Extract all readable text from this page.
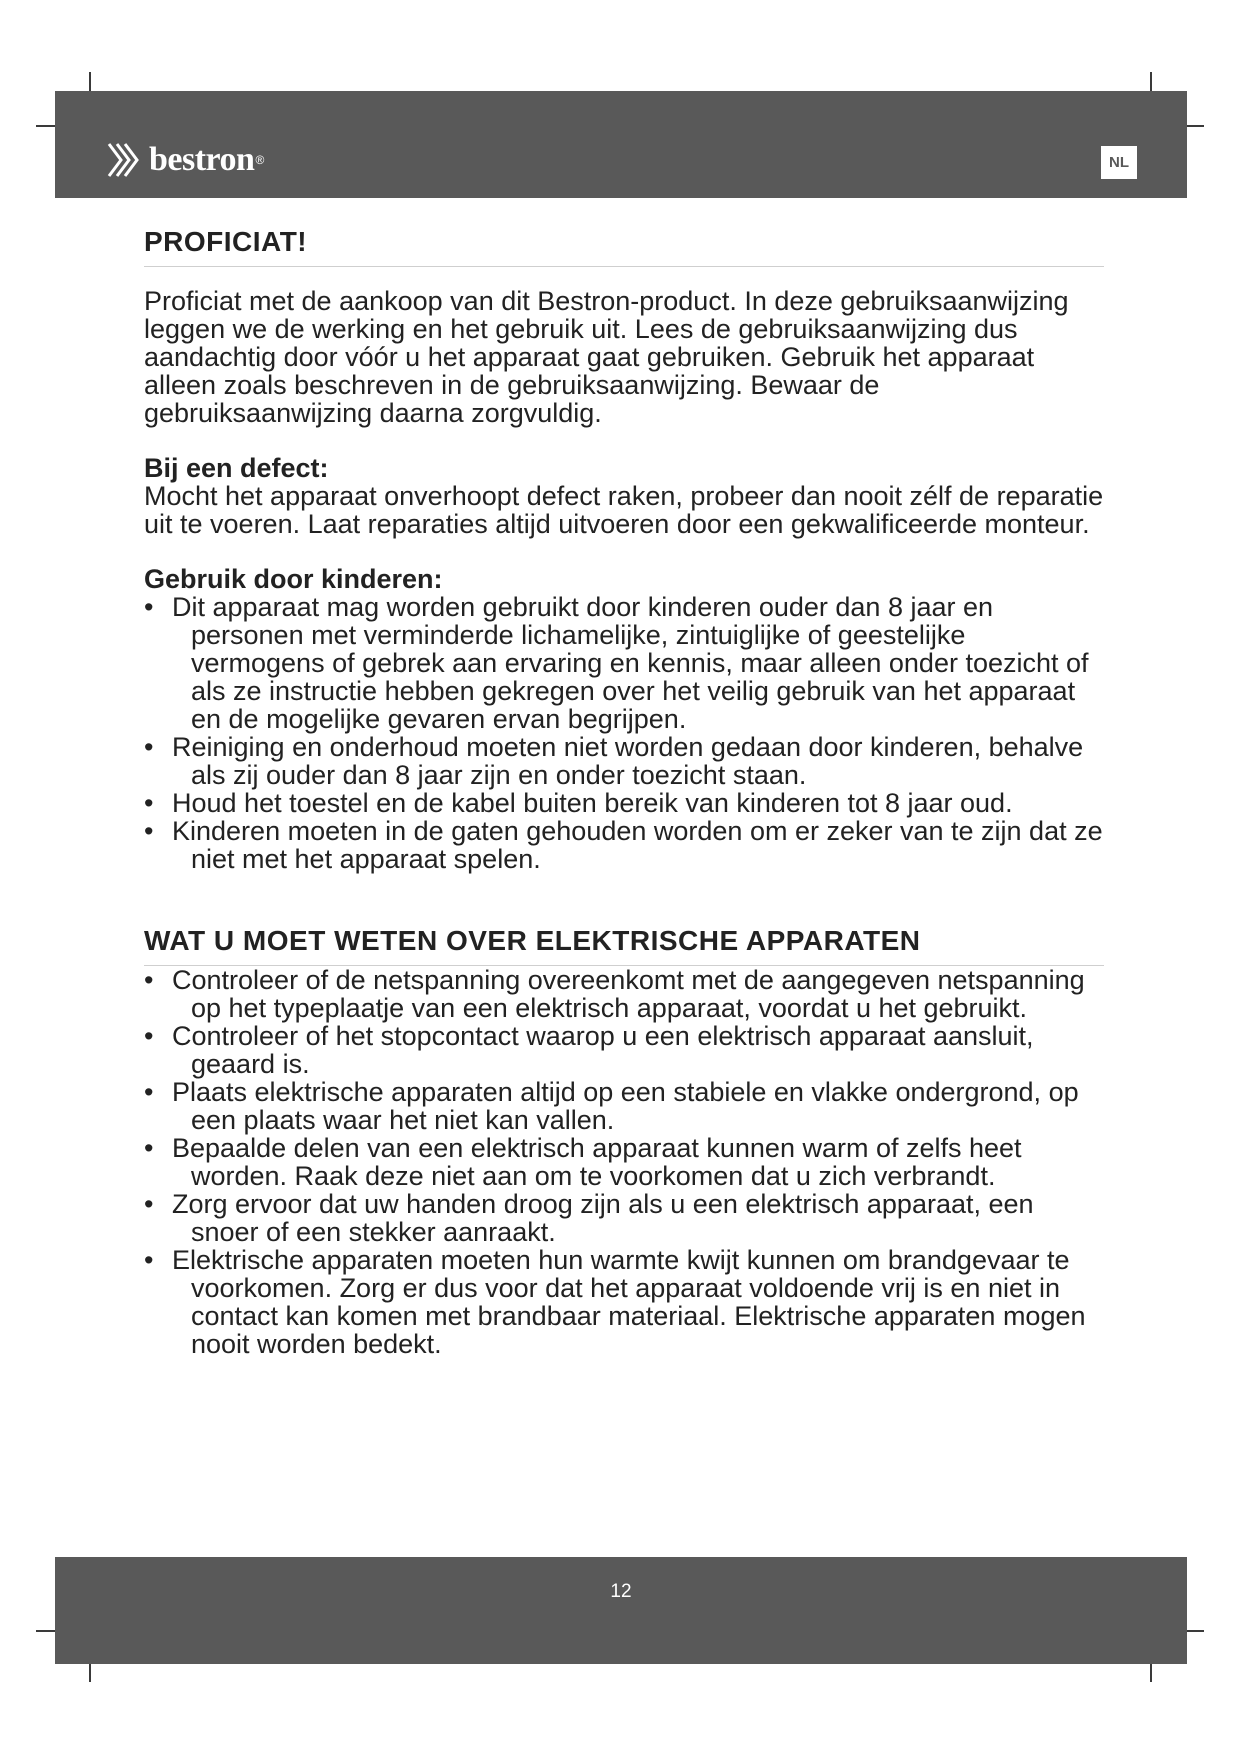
bestron ®	NL
PROFICIAT!

Proficiat met de aankoop van dit Bestron-product. In deze gebruiksaanwijzing leggen we de werking en het gebruik uit. Lees de gebruiksaanwijzing dus aandachtig door vóór u het apparaat gaat gebruiken. Gebruik het apparaat alleen zoals beschreven in de gebruiksaanwijzing. Bewaar de gebruiksaanwijzing daarna zorgvuldig.

Bij een defect:

Mocht het apparaat onverhoopt defect raken, probeer dan nooit zélf de reparatie uit te voeren. Laat reparaties altijd uitvoeren door een gekwalificeerde monteur.

Gebruik door kinderen:
• Dit apparaat mag worden gebruikt door kinderen ouder dan 8 jaar en personen met verminderde lichamelijke, zintuiglijke of geestelijke vermogens of gebrek aan ervaring en kennis, maar alleen onder toezicht of als ze instructie hebben gekregen over het veilig gebruik van het apparaat en de mogelijke gevaren ervan begrijpen.
• Reiniging en onderhoud moeten niet worden gedaan door kinderen, behalve als zij ouder dan 8 jaar zijn en onder toezicht staan.
• Houd het toestel en de kabel buiten bereik van kinderen tot 8 jaar oud.
• Kinderen moeten in de gaten gehouden worden om er zeker van te zijn dat ze niet met het apparaat spelen.
WAT U MOET WETEN OVER ELEKTRISCHE APPARATEN
• Controleer of de netspanning overeenkomt met de aangegeven netspanning op het typeplaatje van een elektrisch apparaat, voordat u het gebruikt.
• Controleer of het stopcontact waarop u een elektrisch apparaat aansluit, geaard is.
• Plaats elektrische apparaten altijd op een stabiele en vlakke ondergrond, op een plaats waar het niet kan vallen.
• Bepaalde delen van een elektrisch apparaat kunnen warm of zelfs heet worden. Raak deze niet aan om te voorkomen dat u zich verbrandt.
• Zorg ervoor dat uw handen droog zijn als u een elektrisch apparaat, een snoer of een stekker aanraakt.
• Elektrische apparaten moeten hun warmte kwijt kunnen om brandgevaar te voorkomen. Zorg er dus voor dat het apparaat voldoende vrij is en niet in contact kan komen met brandbaar materiaal. Elektrische apparaten mogen nooit worden bedekt.
12
